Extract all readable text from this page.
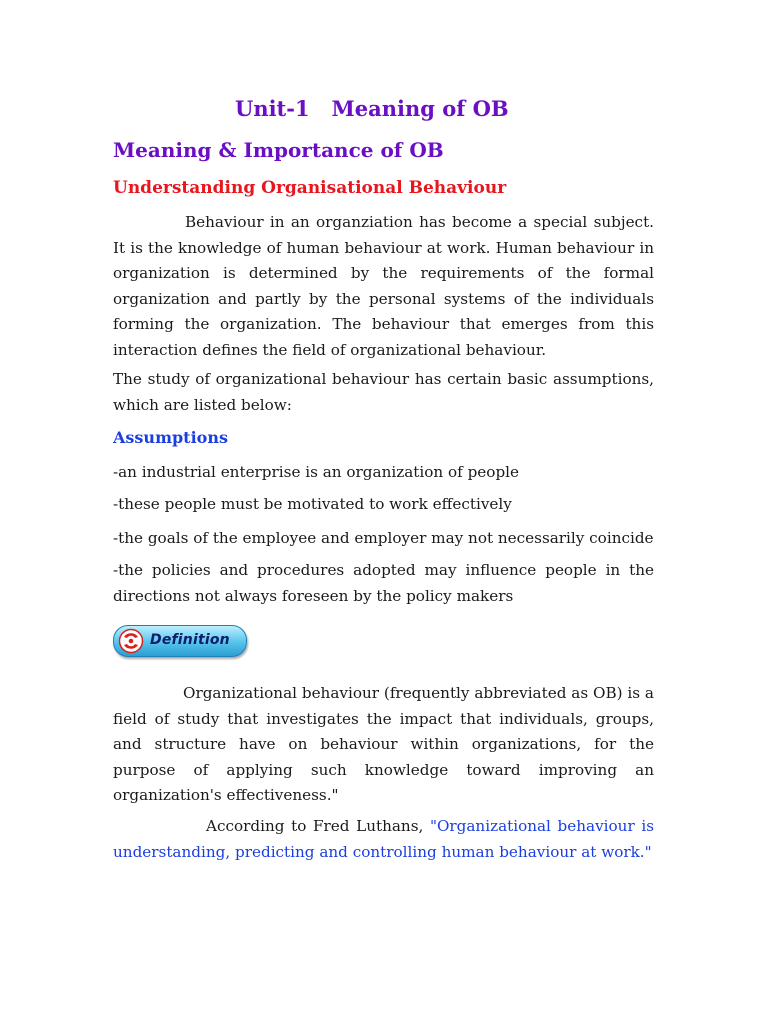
Unit-1   Meaning of OB
Meaning & Importance of OB
Understanding Organisational Behaviour

Behaviour in an organziation has become a special subject. It is the knowledge of human behaviour at work. Human behaviour in organization is determined by the requirements of the formal organization and partly by the personal systems of the individuals forming the organization. The behaviour that emerges from this interaction defines the field of organizational behaviour.

The study of organizational behaviour has certain basic assumptions, which are listed below:

Assumptions

-an industrial enterprise is an organization of people

-these people must be motivated to work effectively

-the goals of the employee and employer may not necessarily coincide

-the policies and procedures adopted may influence people in the directions not always foreseen by the policy makers

Definition

Organizational behaviour (frequently abbreviated as OB) is a field of study that investigates the impact that individuals, groups, and structure have on behaviour within organizations, for the purpose of applying such knowledge toward improving an organization's effectiveness."

According to Fred Luthans, "Organizational behaviour is understanding, predicting and controlling human behaviour at work."
